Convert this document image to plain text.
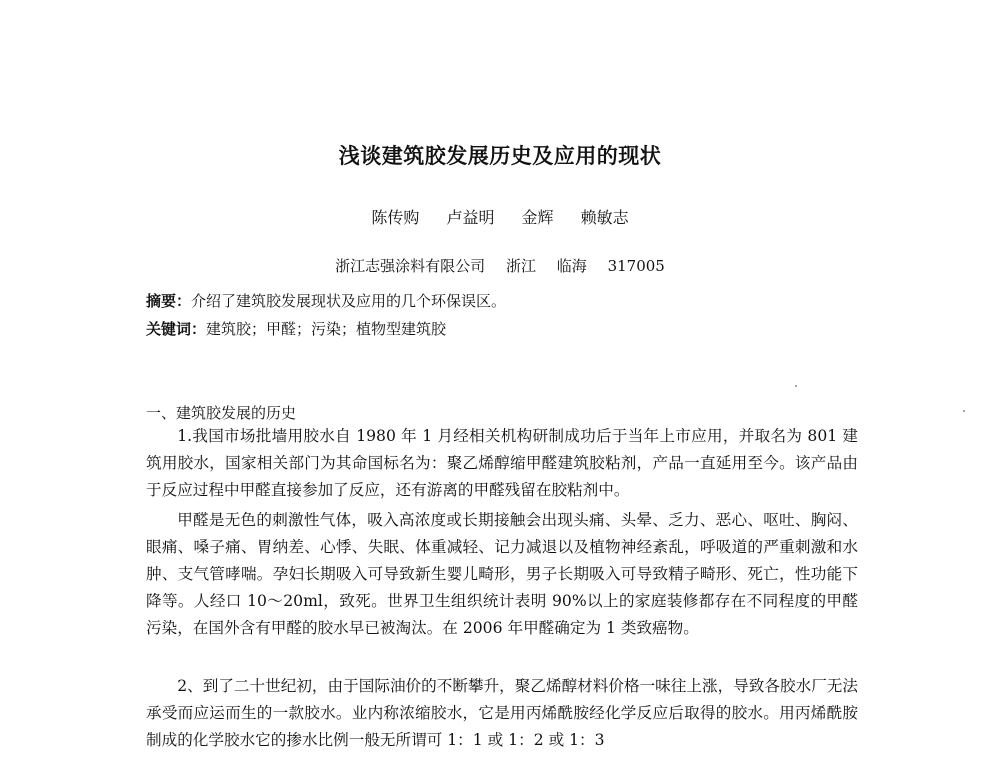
浅谈建筑胶发展历史及应用的现状
陈传购 卢益明 金辉 赖敏志
浙江志强涂料有限公司 浙江 临海 317005
摘要：介绍了建筑胶发展现状及应用的几个环保误区。
关键词：建筑胶；甲醛；污染；植物型建筑胶
一、建筑胶发展的历史
1.我国市场批墙用胶水自 1980 年 1 月经相关机构研制成功后于当年上市应用，并取名为 801 建筑用胶水，国家相关部门为其命国标名为：聚乙烯醇缩甲醛建筑胶粘剂，产品一直延用至今。该产品由于反应过程中甲醛直接参加了反应，还有游离的甲醛残留在胶粘剂中。
甲醛是无色的刺激性气体，吸入高浓度或长期接触会出现头痛、头晕、乏力、恶心、呕吐、胸闷、眼痛、嗓子痛、胃纳差、心悸、失眠、体重减轻、记力减退以及植物神经紊乱，呼吸道的严重刺激和水肿、支气管哮喘。孕妇长期吸入可导致新生婴儿畸形，男子长期吸入可导致精子畸形、死亡，性功能下降等。人经口 10～20ml，致死。世界卫生组织统计表明 90%以上的家庭装修都存在不同程度的甲醛污染，在国外含有甲醛的胶水早已被淘汰。在 2006 年甲醛确定为 1 类致癌物。
2、到了二十世纪初，由于国际油价的不断攀升，聚乙烯醇材料价格一味往上涨，导致各胶水厂无法承受而应运而生的一款胶水。业内称浓缩胶水，它是用丙烯酰胺经化学反应后取得的胶水。用丙烯酰胺制成的化学胶水它的掺水比例一般无所谓可 1：1 或 1：2 或 1：3
